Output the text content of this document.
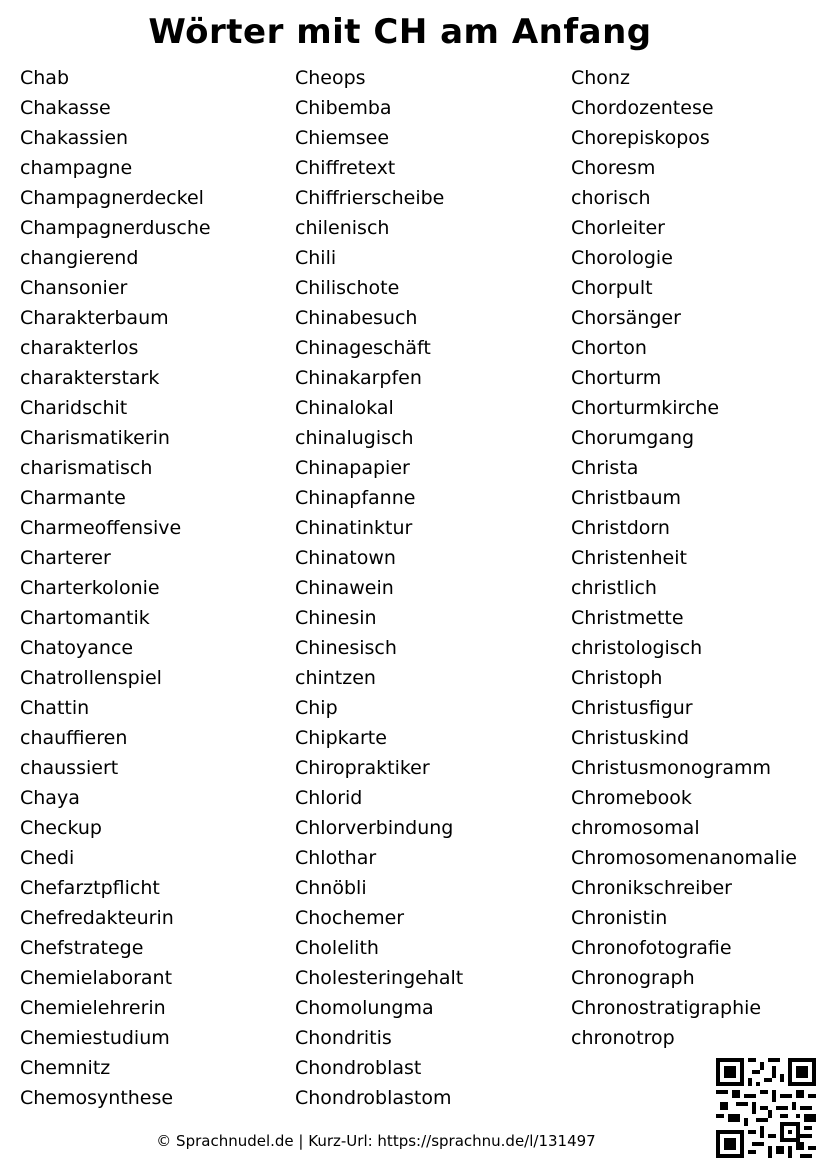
Wörter mit CH am Anfang
Chab
Chakasse
Chakassien
champagne
Champagnerdeckel
Champagnerdusche
changierend
Chansonier
Charakterbaum
charakterlos
charakterstark
Charidschit
Charismatikerin
charismatisch
Charmante
Charmeoffensive
Charterer
Charterkolonie
Chartomantik
Chatoyance
Chatrollenspiel
Chattin
chauffieren
chaussiert
Chaya
Checkup
Chedi
Chefarztpflicht
Chefredakteurin
Chefstratege
Chemielaborant
Chemielehrerin
Chemiestudium
Chemnitz
Chemosynthese
Cheops
Chibemba
Chiemsee
Chiffretext
Chiffrierscheibe
chilenisch
Chili
Chilischote
Chinabesuch
Chinageschäft
Chinakarpfen
Chinalokal
chinalugisch
Chinapapier
Chinapfanne
Chinatinktur
Chinatown
Chinawein
Chinesin
Chinesisch
chintzen
Chip
Chipkarte
Chiropraktiker
Chlorid
Chlorverbindung
Chlothar
Chnöbli
Chochemer
Cholelith
Cholesteringehalt
Chomolungma
Chondritis
Chondroblast
Chondroblastom
Chonz
Chordozentese
Chorepiskopos
Choresm
chorisch
Chorleiter
Chorologie
Chorpult
Chorsänger
Chorton
Chorturm
Chorturmkirche
Chorumgang
Christa
Christbaum
Christdorn
Christenheit
christlich
Christmette
christologisch
Christoph
Christusfigur
Christuskind
Christusmonogramm
Chromebook
chromosomal
Chromosomenanomalie
Chronikschreiber
Chronistin
Chronofotografie
Chronograph
Chronostratigraphie
chronotrop
© Sprachnudel.de | Kurz-Url: https://sprachnu.de/l/131497
